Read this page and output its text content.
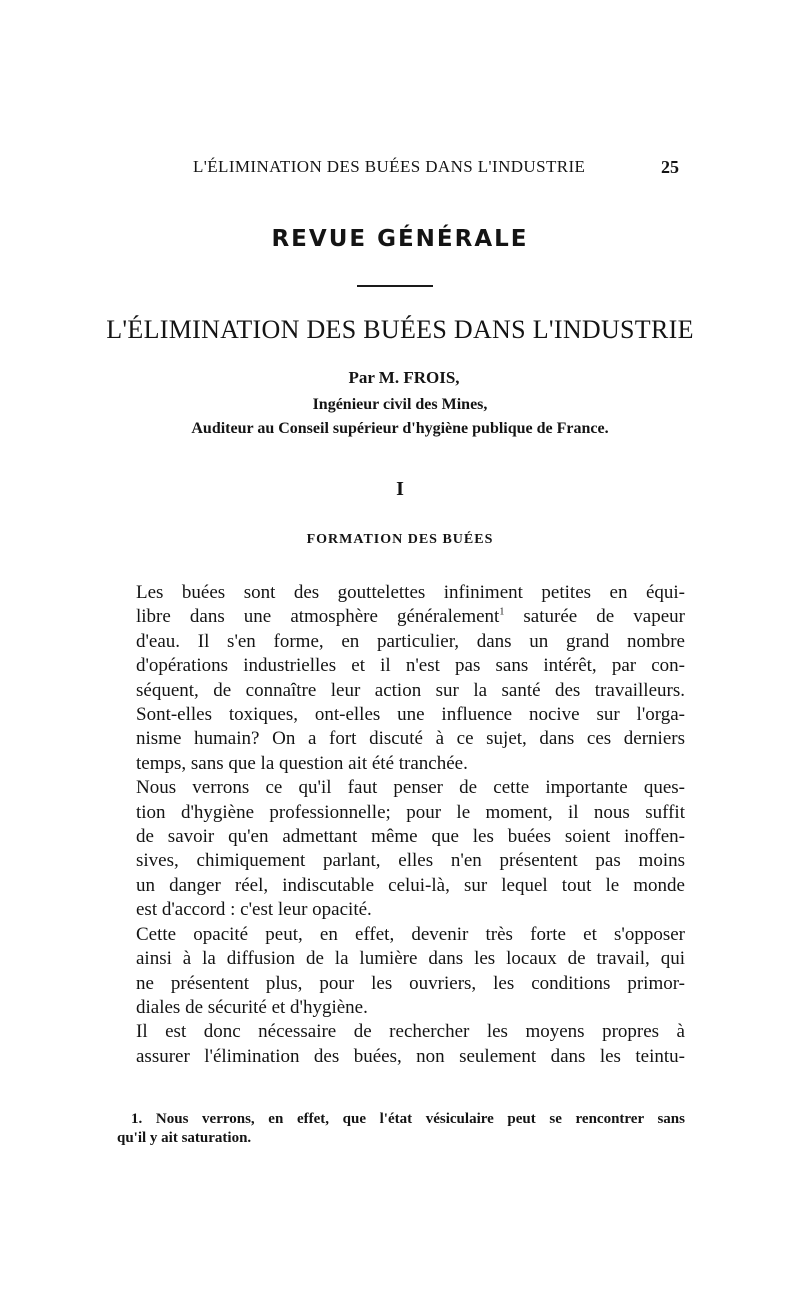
L'ÉLIMINATION DES BUÉES DANS L'INDUSTRIE	25
REVUE GÉNÉRALE
L'ÉLIMINATION DES BUÉES DANS L'INDUSTRIE
Par M. FROIS,
Ingénieur civil des Mines,
Auditeur au Conseil supérieur d'hygiène publique de France.
I
FORMATION DES BUÉES

Les buées sont des gouttelettes infiniment petites en équi-
libre dans une atmosphère généralement$^1$ saturée de vapeur
d'eau. Il s'en forme, en particulier, dans un grand nombre
d'opérations industrielles et il n'est pas sans intérêt, par con-
séquent, de connaître leur action sur la santé des travailleurs.
Sont-elles toxiques, ont-elles une influence nocive sur l'orga-
nisme humain? On a fort discuté à ce sujet, dans ces derniers
temps, sans que la question ait été tranchée.

Nous verrons ce qu'il faut penser de cette importante ques-
tion d'hygiène professionnelle; pour le moment, il nous suffit
de savoir qu'en admettant même que les buées soient inoffen-
sives, chimiquement parlant, elles n'en présentent pas moins
un danger réel, indiscutable celui-là, sur lequel tout le monde
est d'accord : c'est leur opacité.

Cette opacité peut, en effet, devenir très forte et s'opposer
ainsi à la diffusion de la lumière dans les locaux de travail, qui
ne présentent plus, pour les ouvriers, les conditions primor-
diales de sécurité et d'hygiène.

Il est donc nécessaire de rechercher les moyens propres à
assurer l'élimination des buées, non seulement dans les teintu-

1. Nous verrons, en effet, que l'état vésiculaire peut se rencontrer sans
qu'il y ait saturation.
